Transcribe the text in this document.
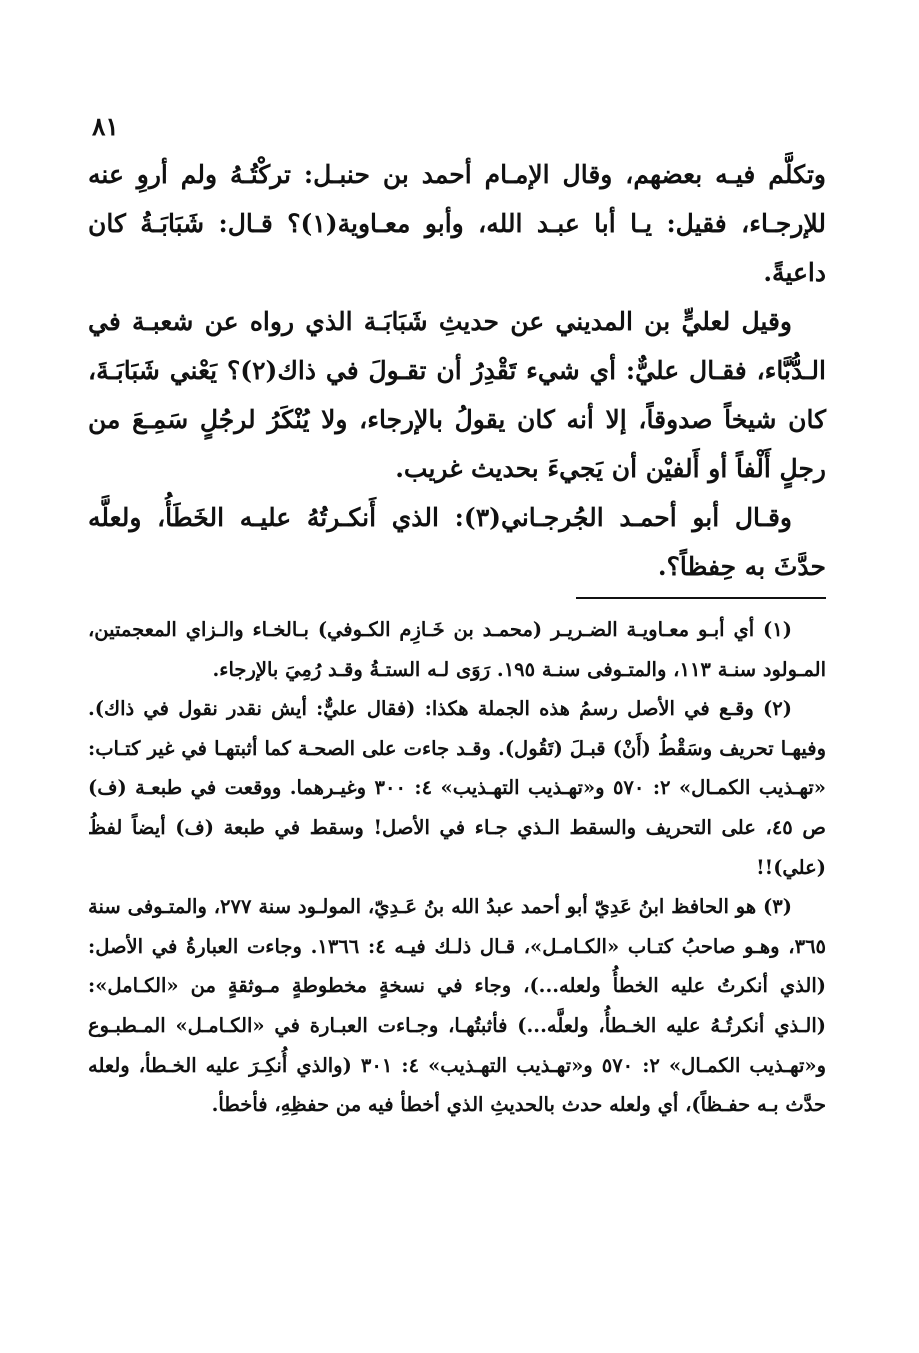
٨١

وتكلَّم فيـه بعضهم، وقال الإمـام أحمد بن حنبـل: تركْتُـهُ ولم أروِ عنه للإرجـاء، فقيل: يـا أبا عبـد الله، وأبو معـاوية(١)؟ قـال: شَبَابَـةُ كان داعيةً.

وقيل لعليٍّ بن المديني عن حديثِ شَبَابَـة الذي رواه عن شعبـة في الـدُّبَّاء، فقـال عليٌّ: أي شيء تَقْدِرُ أن تقـولَ في ذاك(٢)؟ يَعْني شَبَابَـةَ، كان شيخاً صدوقاً، إلا أنه كان يقولُ بالإرجاء، ولا يُنْكَرُ لرجُلٍ سَمِـعَ من رجلٍ أَلْفاً أو أَلفيْن أن يَجيءَ بحديث غريب.

وقـال أبو أحمـد الجُرجـاني(٣): الذي أَنكـرتُهُ عليـه الخَطَأُ، ولعلَّه حدَّثَ به حِفظاً؟.

(١) أي أبـو معـاويـة الضـريـر (محمـد بن خَـازِم الكـوفي) بـالخـاء والـزاي المعجمتين، المـولود سنـة ١١٣، والمتـوفى سنـة ١٩٥. رَوَى لـه الستـةُ وقـد رُمِيَ بالإرجاء.

(٢) وقـع في الأصل رسمُ هذه الجملة هكذا: (فقال عليٌّ: أيش نقدر نقول في ذاك). وفيهـا تحريف وسَقْطُ (أَنْ) قبـلَ (تَقُول). وقـد جاءت على الصحـة كما أثبتهـا في غير كتـاب: «تهـذيب الكمـال» ٢: ٥٧٠ و«تهـذيب التهـذيب» ٤: ٣٠٠ وغيـرهما. ووقعت في طبعـة (ف) ص ٤٥، على التحريف والسقط الـذي جـاء في الأصل! وسقط في طبعة (ف) أيضاً لفظُ (علي)!!

(٣) هو الحافظ ابنُ عَدِيّ أبو أحمد عبدُ الله بنُ عَـدِيّ، المولـود سنة ٢٧٧، والمتـوفى سنة ٣٦٥، وهـو صاحبُ كتـاب «الكـامـل»، قـال ذلـك فيـه ٤: ١٣٦٦. وجاءت العبارةُ في الأصل: (الذي أنكرتُ عليه الخطأُ ولعله...)، وجاء في نسخةٍ مخطوطةٍ مـوثقةٍ من «الكـامل»: (الـذي أنكرتُـهُ عليه الخـطأُ، ولعلَّه...) فأثبتُهـا، وجـاءت العبـارة في «الكـامـل» المـطبـوع و«تهـذيب الكمـال» ٢: ٥٧٠ و«تهـذيب التهـذيب» ٤: ٣٠١ (والذي أُنكِـرَ عليه الخـطأ، ولعله حدَّث بـه حفـظاً)، أي ولعله حدث بالحديثِ الذي أخطأ فيه من حفظِهِ، فأخطأ.
